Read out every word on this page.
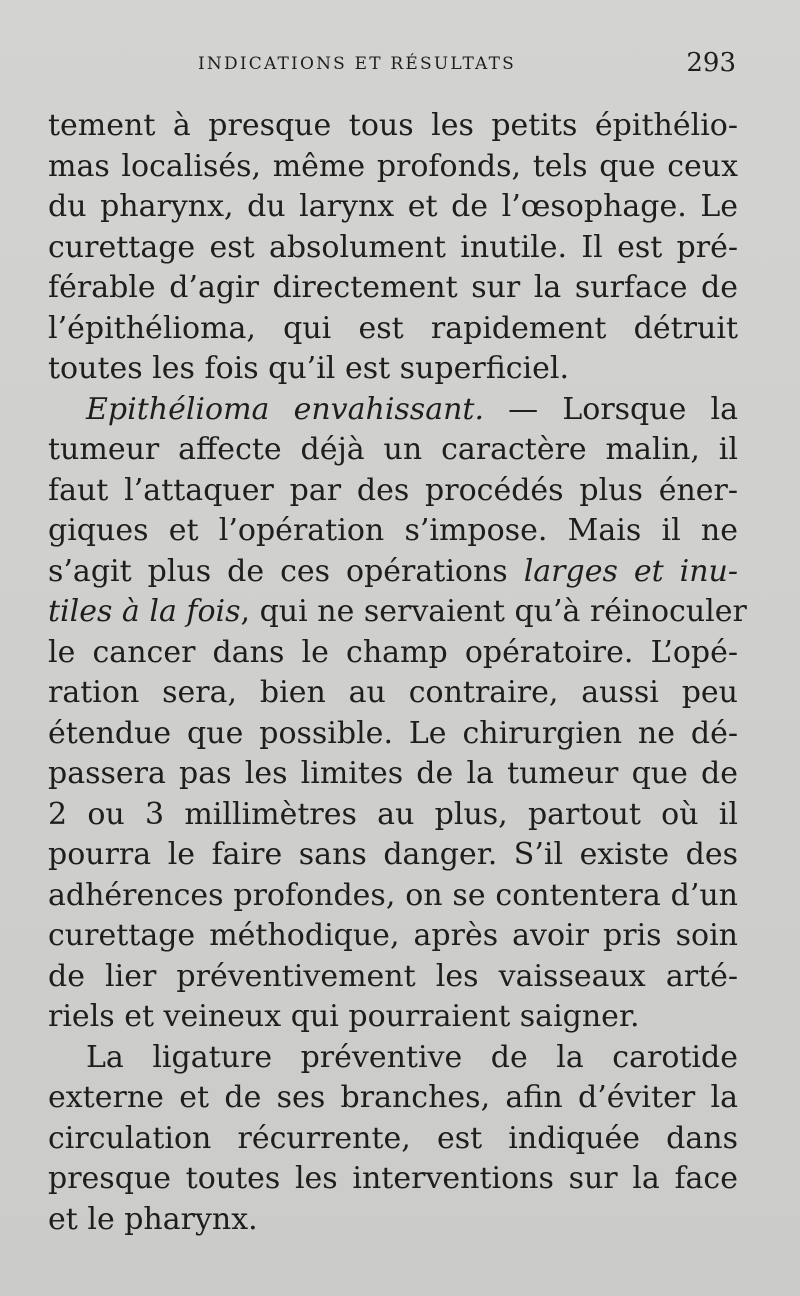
INDICATIONS ET RÉSULTATS	293

tement à presque tous les petits épithélio-
mas localisés, même profonds, tels que ceux
du pharynx, du larynx et de l’œsophage. Le
curettage est absolument inutile. Il est pré-
férable d’agir directement sur la surface de
l’épithélioma, qui est rapidement détruit
toutes les fois qu’il est superficiel.

Epithélioma envahissant. — Lorsque la
tumeur affecte déjà un caractère malin, il
faut l’attaquer par des procédés plus éner-
giques et l’opération s’impose. Mais il ne
s’agit plus de ces opérations larges et inu-
tiles à la fois, qui ne servaient qu’à réinoculer
le cancer dans le champ opératoire. L’opé-
ration sera, bien au contraire, aussi peu
étendue que possible. Le chirurgien ne dé-
passera pas les limites de la tumeur que de
2 ou 3 millimètres au plus, partout où il
pourra le faire sans danger. S’il existe des
adhérences profondes, on se contentera d’un
curettage méthodique, après avoir pris soin
de lier préventivement les vaisseaux arté-
riels et veineux qui pourraient saigner.

La ligature préventive de la carotide
externe et de ses branches, afin d’éviter la
circulation récurrente, est indiquée dans
presque toutes les interventions sur la face
et le pharynx.
